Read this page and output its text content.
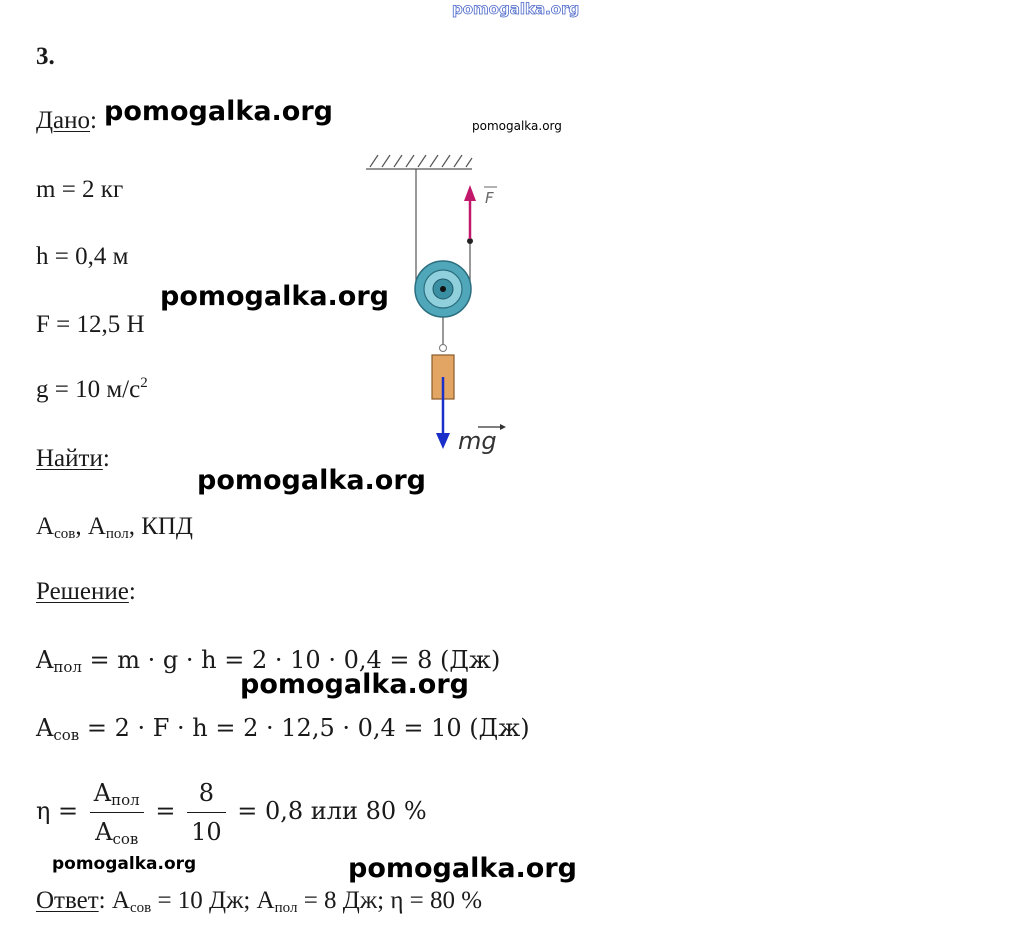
pomogalka.org
3.
Дано:
m = 2 кг
h = 0,4 м
F = 12,5 Н
g = 10 $м/с^2$
Найти:
$A_{сов}$, $A_{пол}$, КПД
Решение:
$A_{пол} = m \cdot g \cdot h = 2 \cdot 10 \cdot 0,4 = 8$ (Дж)
$A_{сов} = 2 \cdot F \cdot h = 2 \cdot 12,5 \cdot 0,4 = 10$ (Дж)
$\eta = \frac{A_{пол}}{A_{сов}} = \frac{8}{10} = 0,8$ или 80 %
Ответ: $A_{сов} = 10$ Дж; $A_{пол} = 8$ Дж; η = 80 %
F
mg
pomogalka.org	pomogalka.org
pomogalka.org
pomogalka.org
pomogalka.org
pomogalka.org	pomogalka.org
